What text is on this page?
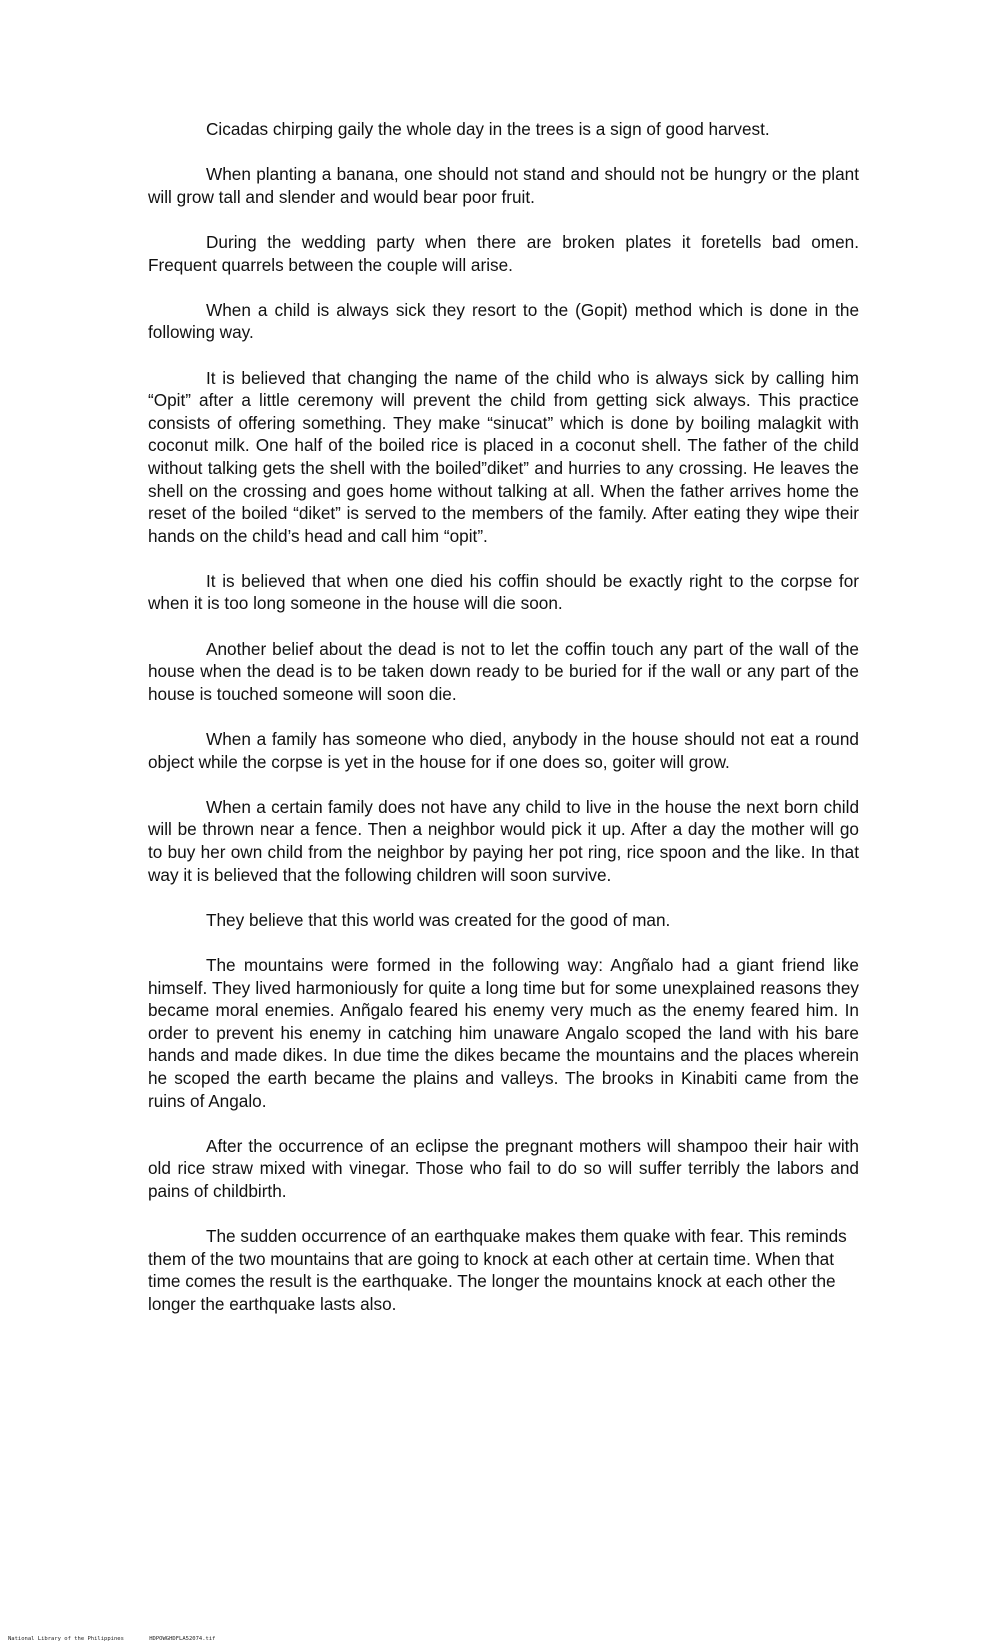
Cicadas chirping gaily the whole day in the trees is a sign of good harvest.

When planting a banana, one should not stand and should not be hungry or the plant will grow tall and slender and would bear poor fruit.

During the wedding party when there are broken plates it foretells bad omen. Frequent quarrels between the couple will arise.

When a child is always sick they resort to the (Gopit) method which is done in the following way.

It is believed that changing the name of the child who is always sick by calling him “Opit” after a little ceremony will prevent the child from getting sick always. This practice consists of offering something. They make “sinucat” which is done by boiling malagkit with coconut milk. One half of the boiled rice is placed in a coconut shell. The father of the child without talking gets the shell with the boiled”diket” and hurries to any crossing. He leaves the shell on the crossing and goes home without talking at all. When the father arrives home the reset of the boiled “diket” is served to the members of the family. After eating they wipe their hands on the child’s head and call him “opit”.

It is believed that when one died his coffin should be exactly right to the corpse for when it is too long someone in the house will die soon.

Another belief about the dead is not to let the coffin touch any part of the wall of the house when the dead is to be taken down ready to be buried for if the wall or any part of the house is touched someone will soon die.

When a family has someone who died, anybody in the house should not eat a round object while the corpse is yet in the house for if one does so, goiter will grow.

When a certain family does not have any child to live in the house the next born child will be thrown near a fence. Then a neighbor would pick it up. After a day the mother will go to buy her own child from the neighbor by paying her pot ring, rice spoon and the like. In that way it is believed that the following children will soon survive.

They believe that this world was created for the good of man.

The mountains were formed in the following way: Angñalo had a giant friend like himself. They lived harmoniously for quite a long time but for some unexplained reasons they became moral enemies. Anñgalo feared his enemy very much as the enemy feared him. In order to prevent his enemy in catching him unaware Angalo scoped the land with his bare hands and made dikes. In due time the dikes became the mountains and the places wherein he scoped the earth became the plains and valleys. The brooks in Kinabiti came from the ruins of Angalo.

After the occurrence of an eclipse the pregnant mothers will shampoo their hair with old rice straw mixed with vinegar. Those who fail to do so will suffer terribly the labors and pains of childbirth.

The sudden occurrence of an earthquake makes them quake with fear. This reminds them of the two mountains that are going to knock at each other at certain time. When that time comes the result is the earthquake. The longer the mountains knock at each other the longer the earthquake lasts also.

National Library of the Philippines	HDPOWGHDFLA52074.tif
